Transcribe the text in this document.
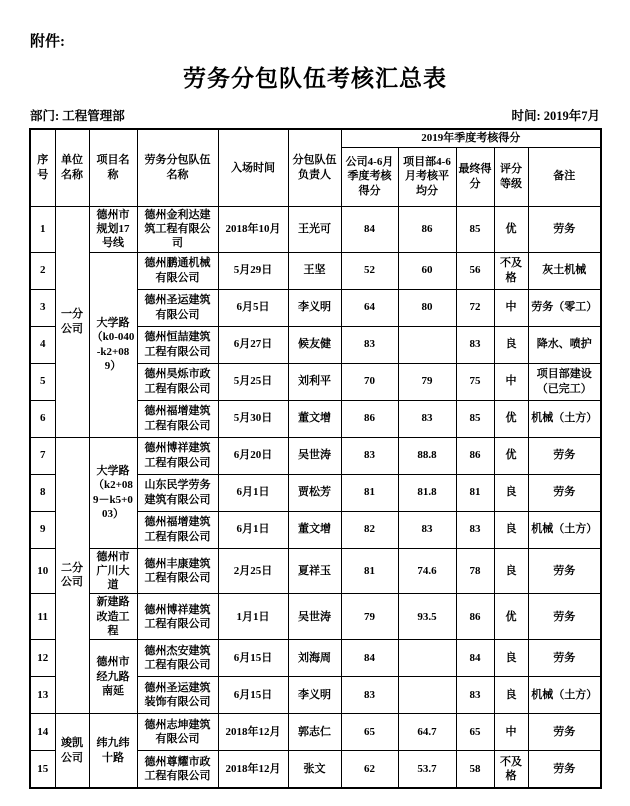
附件:
劳务分包队伍考核汇总表
部门: 工程管理部	时间: 2019年7月
序号	单位名称	项目名称	劳务分包队伍名称	入场时间	分包队伍负责人	2019年季度考核得分				
						公司4-6月季度考核得分	项目部4-6月考核平均分	最终得分	评分等级	备注
1	一分公司	德州市规划17号线	德州金利达建筑工程有限公司	2018年10月	王光可	84	86	85	优	劳务
2		大学路（k0-040-k2+089）	德州鹏通机械有限公司	5月29日	王坚	52	60	56	不及格	灰土机械
3			德州圣运建筑有限公司	6月5日	李义明	64	80	72	中	劳务（零工）
4			德州恒喆建筑工程有限公司	6月27日	候友健	83		83	良	降水、喷护
5			德州昊烁市政工程有限公司	5月25日	刘利平	70	79	75	中	项目部建设（已完工）
6			德州福增建筑工程有限公司	5月30日	董文增	86	83	85	优	机械（土方）
7	二分公司	大学路（k2+089－k5+003）	德州博祥建筑工程有限公司	6月20日	吴世涛	83	88.8	86	优	劳务
8			山东民学劳务建筑有限公司	6月1日	贾松芳	81	81.8	81	良	劳务
9			德州福增建筑工程有限公司	6月1日	董文增	82	83	83	良	机械（土方）
10		德州市广川大道	德州丰康建筑工程有限公司	2月25日	夏祥玉	81	74.6	78	良	劳务
11		新建路改造工程	德州博祥建筑工程有限公司	1月1日	吴世涛	79	93.5	86	优	劳务
12		德州市经九路南延	德州杰安建筑工程有限公司	6月15日	刘海周	84		84	良	劳务
13			德州圣运建筑装饰有限公司	6月15日	李义明	83		83	良	机械（土方）
14	竣凯公司	纬九纬十路	德州志坤建筑有限公司	2018年12月	郭志仁	65	64.7	65	中	劳务
15			德州尊耀市政工程有限公司	2018年12月	张文	62	53.7	58	不及格	劳务
